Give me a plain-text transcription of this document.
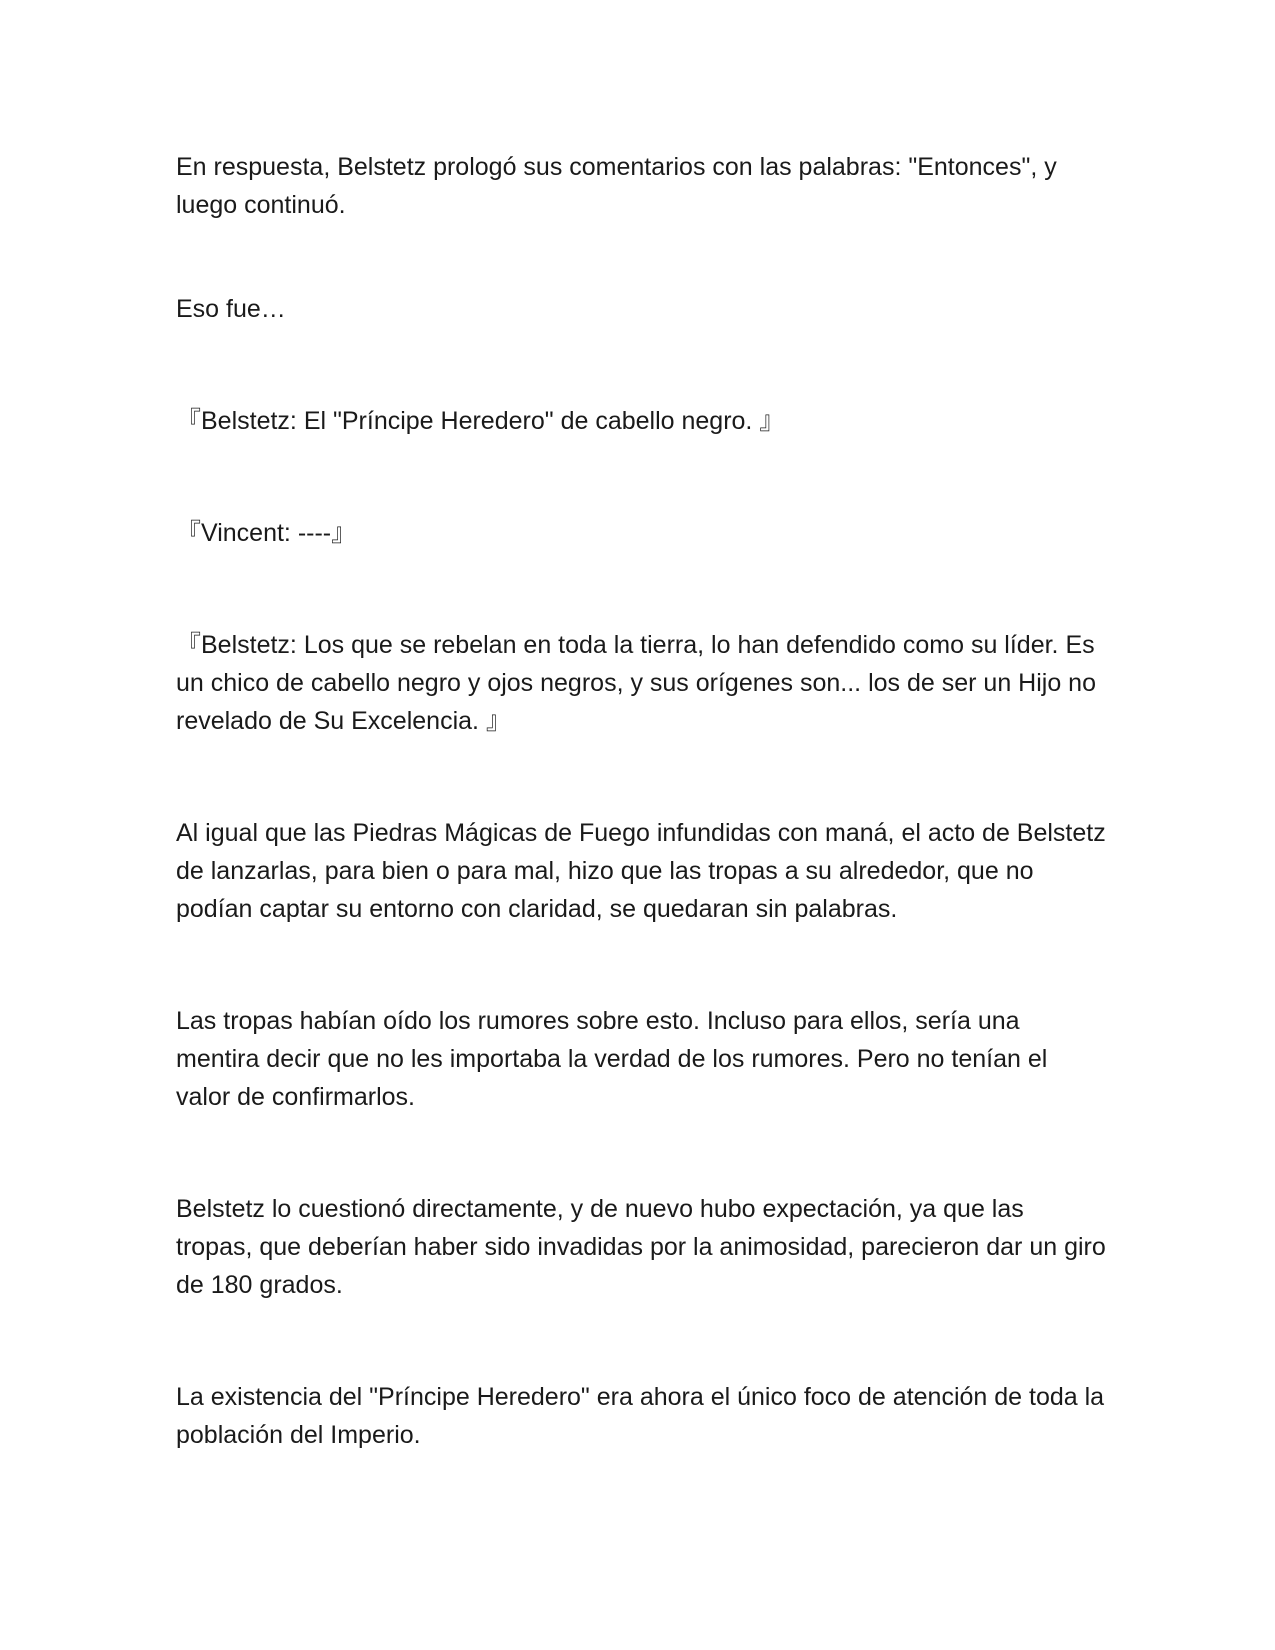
En respuesta, Belstetz prologó sus comentarios con las palabras: "Entonces", y luego continuó.

Eso fue…

『Belstetz: El "Príncipe Heredero" de cabello negro. 』

『Vincent: ----』

『Belstetz: Los que se rebelan en toda la tierra, lo han defendido como su líder. Es un chico de cabello negro y ojos negros, y sus orígenes son... los de ser un Hijo no revelado de Su Excelencia. 』

Al igual que las Piedras Mágicas de Fuego infundidas con maná, el acto de Belstetz de lanzarlas, para bien o para mal, hizo que las tropas a su alrededor, que no podían captar su entorno con claridad, se quedaran sin palabras.

Las tropas habían oído los rumores sobre esto. Incluso para ellos, sería una mentira decir que no les importaba la verdad de los rumores. Pero no tenían el valor de confirmarlos.

Belstetz lo cuestionó directamente, y de nuevo hubo expectación, ya que las tropas, que deberían haber sido invadidas por la animosidad, parecieron dar un giro de 180 grados.

La existencia del "Príncipe Heredero" era ahora el único foco de atención de toda la población del Imperio.
